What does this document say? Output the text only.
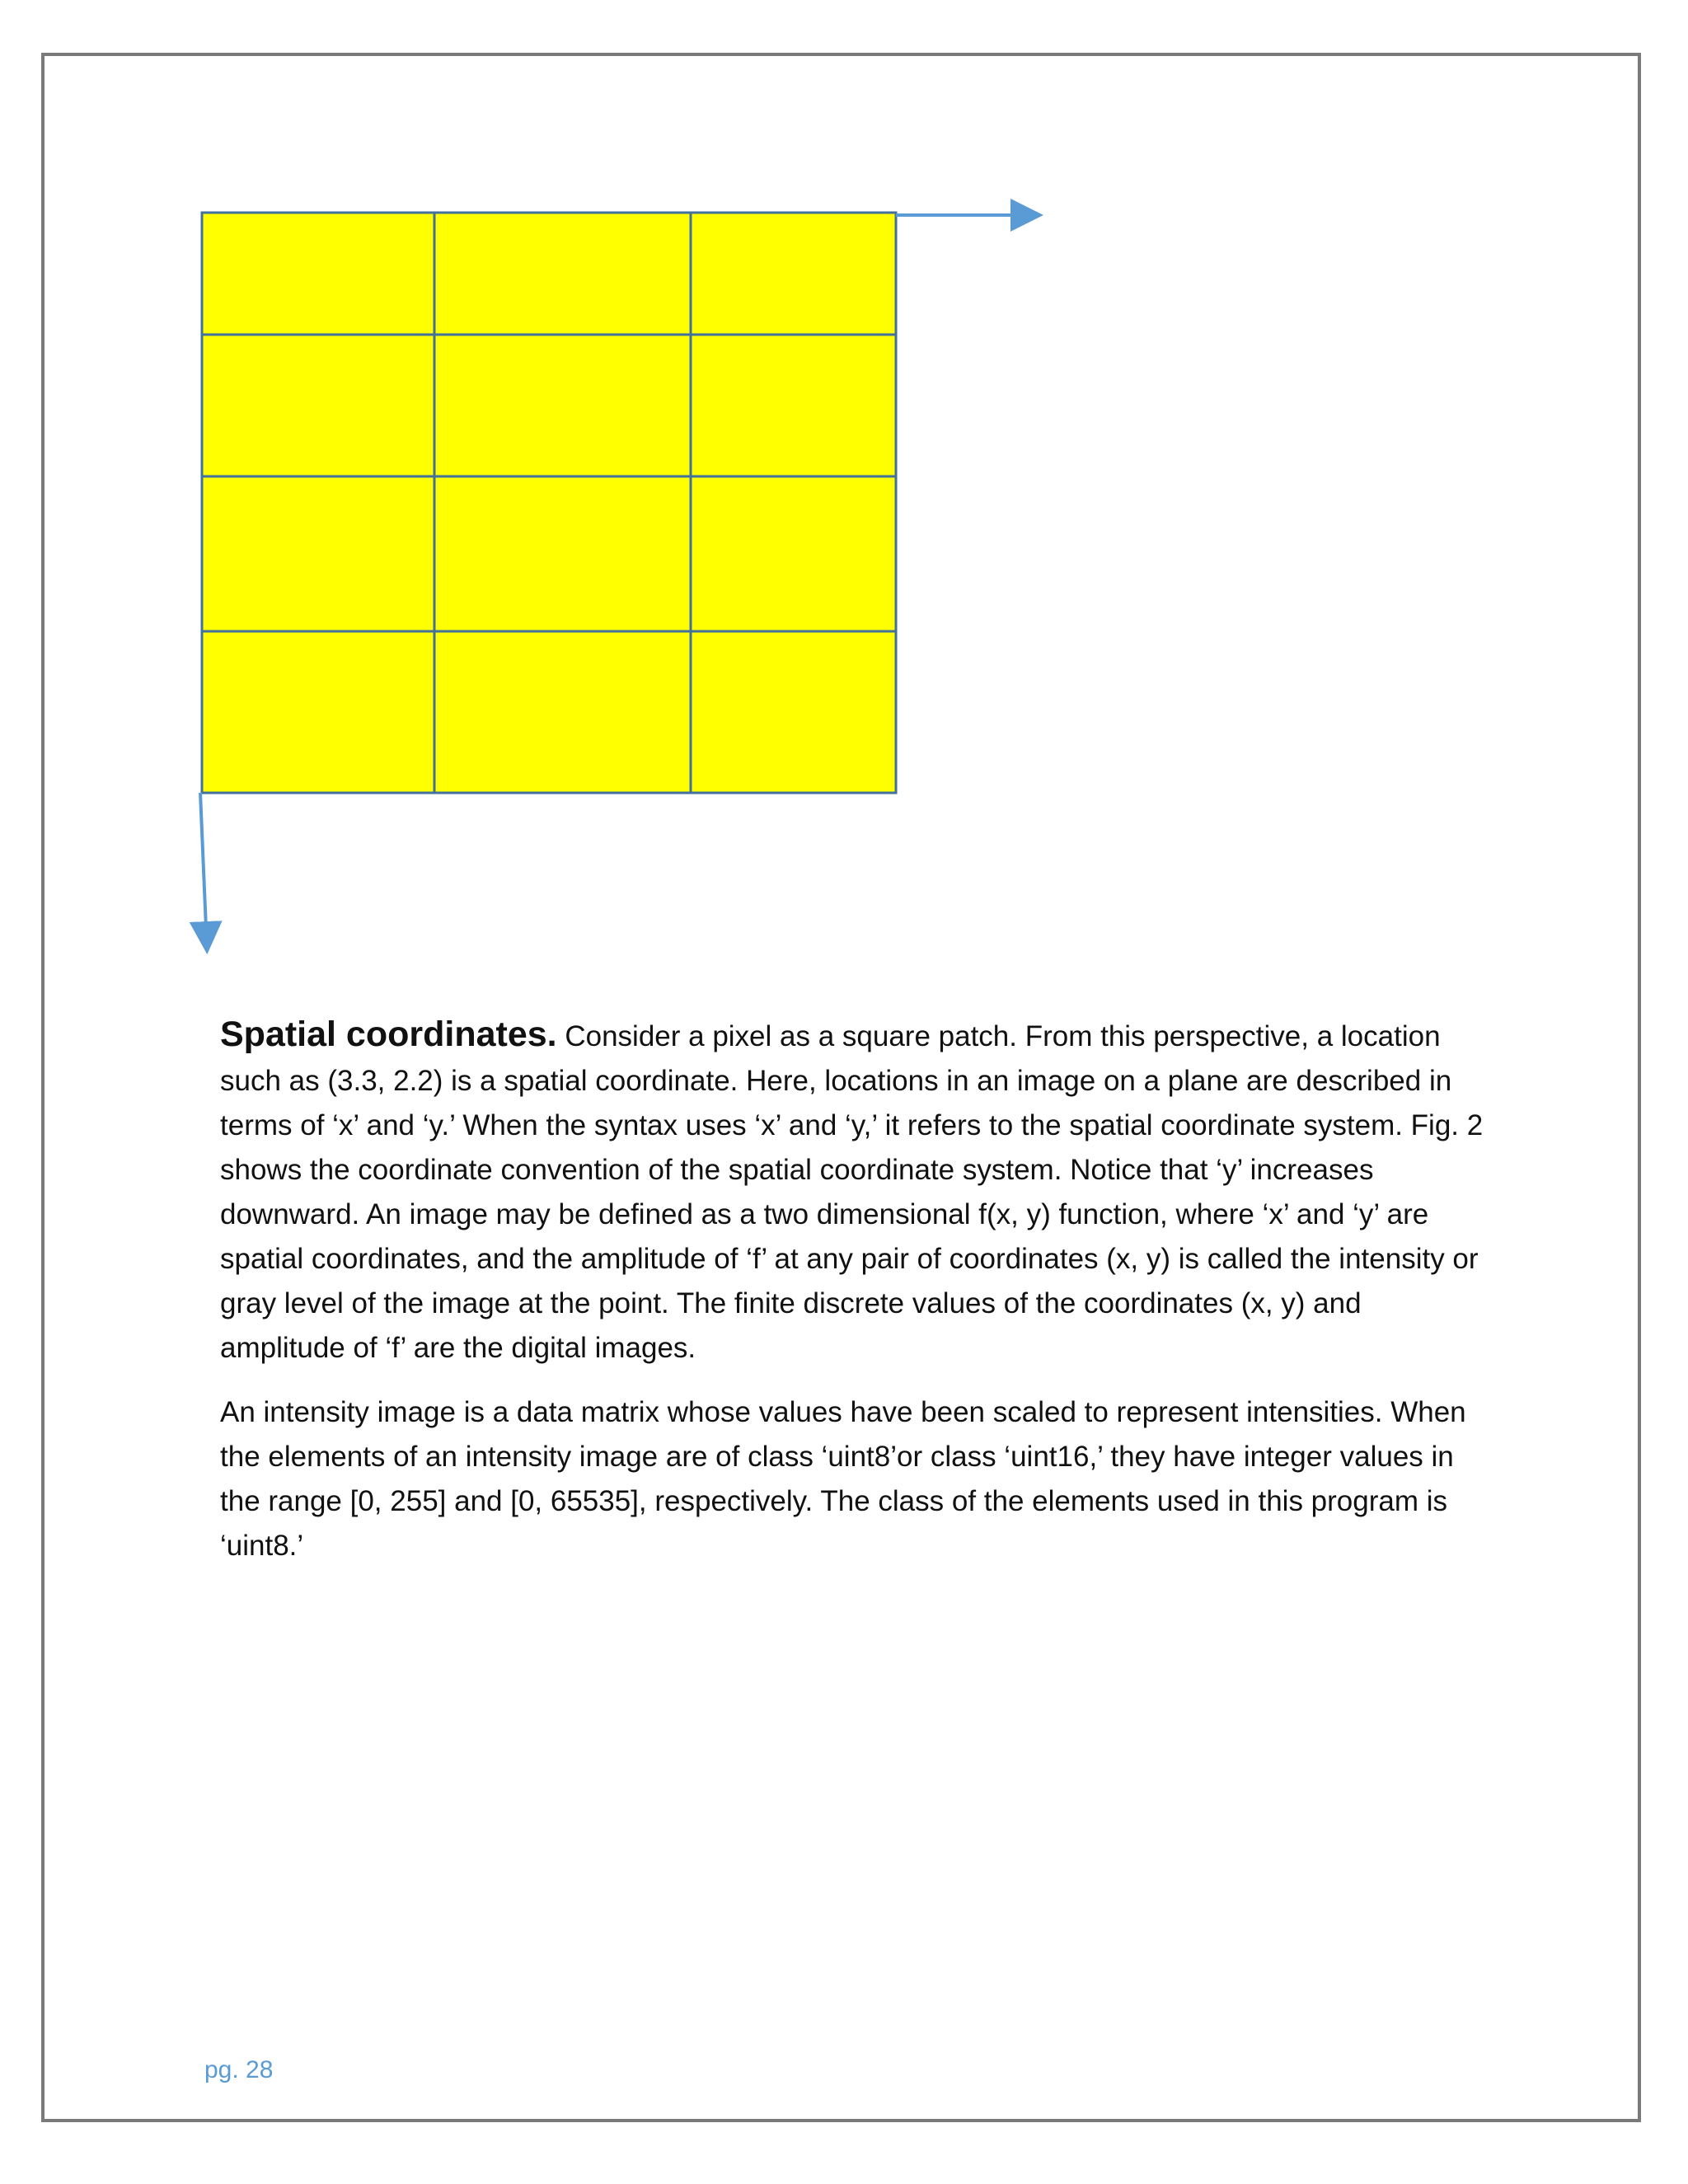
Spatial coordinates. Consider a pixel as a square patch. From this perspective, a location such as (3.3, 2.2) is a spatial coordinate. Here, locations in an image on a plane are described in terms of ‘x’ and ‘y.’ When the syntax uses ‘x’ and ‘y,’ it refers to the spatial coordinate system. Fig. 2 shows the coordinate convention of the spatial coordinate system. Notice that ‘y’ increases downward. An image may be defined as a two dimensional f(x, y) function, where ‘x’ and ‘y’ are spatial coordinates, and the amplitude of ‘f’ at any pair of coordinates (x, y) is called the intensity or gray level of the image at the point. The finite discrete values of the coordinates (x, y) and amplitude of ‘f’ are the digital images.

An intensity image is a data matrix whose values have been scaled to represent intensities. When the elements of an intensity image are of class ‘uint8’or class ‘uint16,’ they have integer values in the range [0, 255] and [0, 65535], respectively. The class of the elements used in this program is ‘uint8.’

pg. 28
